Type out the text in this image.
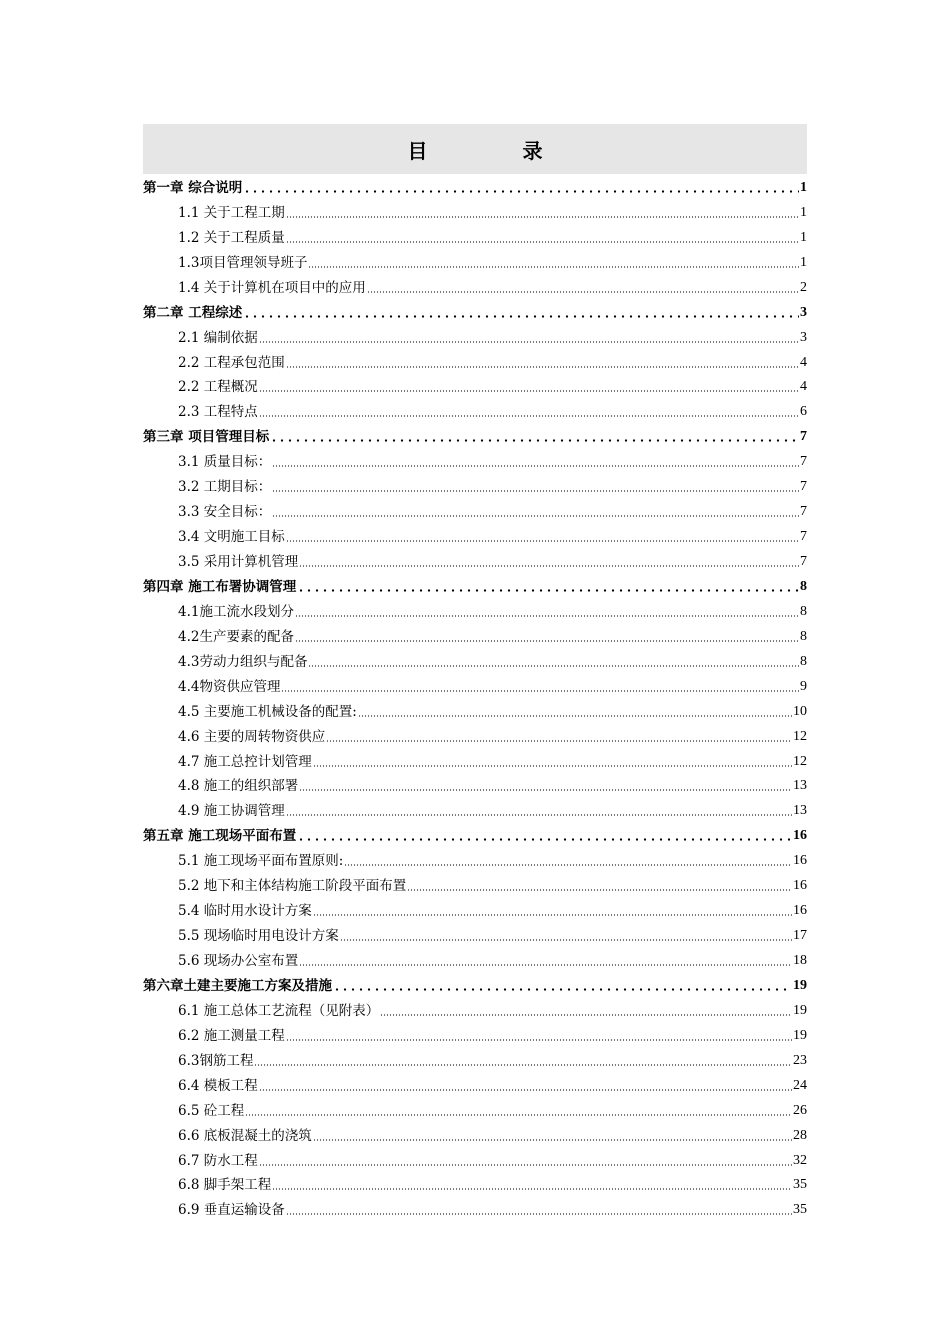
目 录
第一章 综合说明	1
1.1 关于工程工期	1
1.2 关于工程质量	1
1.3项目管理领导班子	1
1.4 关于计算机在项目中的应用	2
第二章 工程综述	3
2.1 编制依据	3
2.2 工程承包范围	4
2.2 工程概况	4
2.3 工程特点	6
第三章 项目管理目标	7
3.1 质量目标：	7
3.2 工期目标：	7
3.3 安全目标：	7
3.4 文明施工目标	7
3.5 采用计算机管理	7
第四章 施工布署协调管理	8
4.1施工流水段划分	8
4.2生产要素的配备	8
4.3劳动力组织与配备	8
4.4物资供应管理	9
4.5 主要施工机械设备的配置:	10
4.6 主要的周转物资供应	12
4.7 施工总控计划管理	12
4.8 施工的组织部署	13
4.9 施工协调管理	13
第五章 施工现场平面布置	16
5.1 施工现场平面布置原则:	16
5.2 地下和主体结构施工阶段平面布置	16
5.4 临时用水设计方案	16
5.5 现场临时用电设计方案	17
5.6 现场办公室布置	18
第六章土建主要施工方案及措施	19
6.1 施工总体工艺流程（见附表）	19
6.2 施工测量工程	19
6.3钢筋工程	23
6.4 模板工程	24
6.5 砼工程	26
6.6 底板混凝土的浇筑	28
6.7 防水工程	32
6.8 脚手架工程	35
6.9 垂直运输设备	35
